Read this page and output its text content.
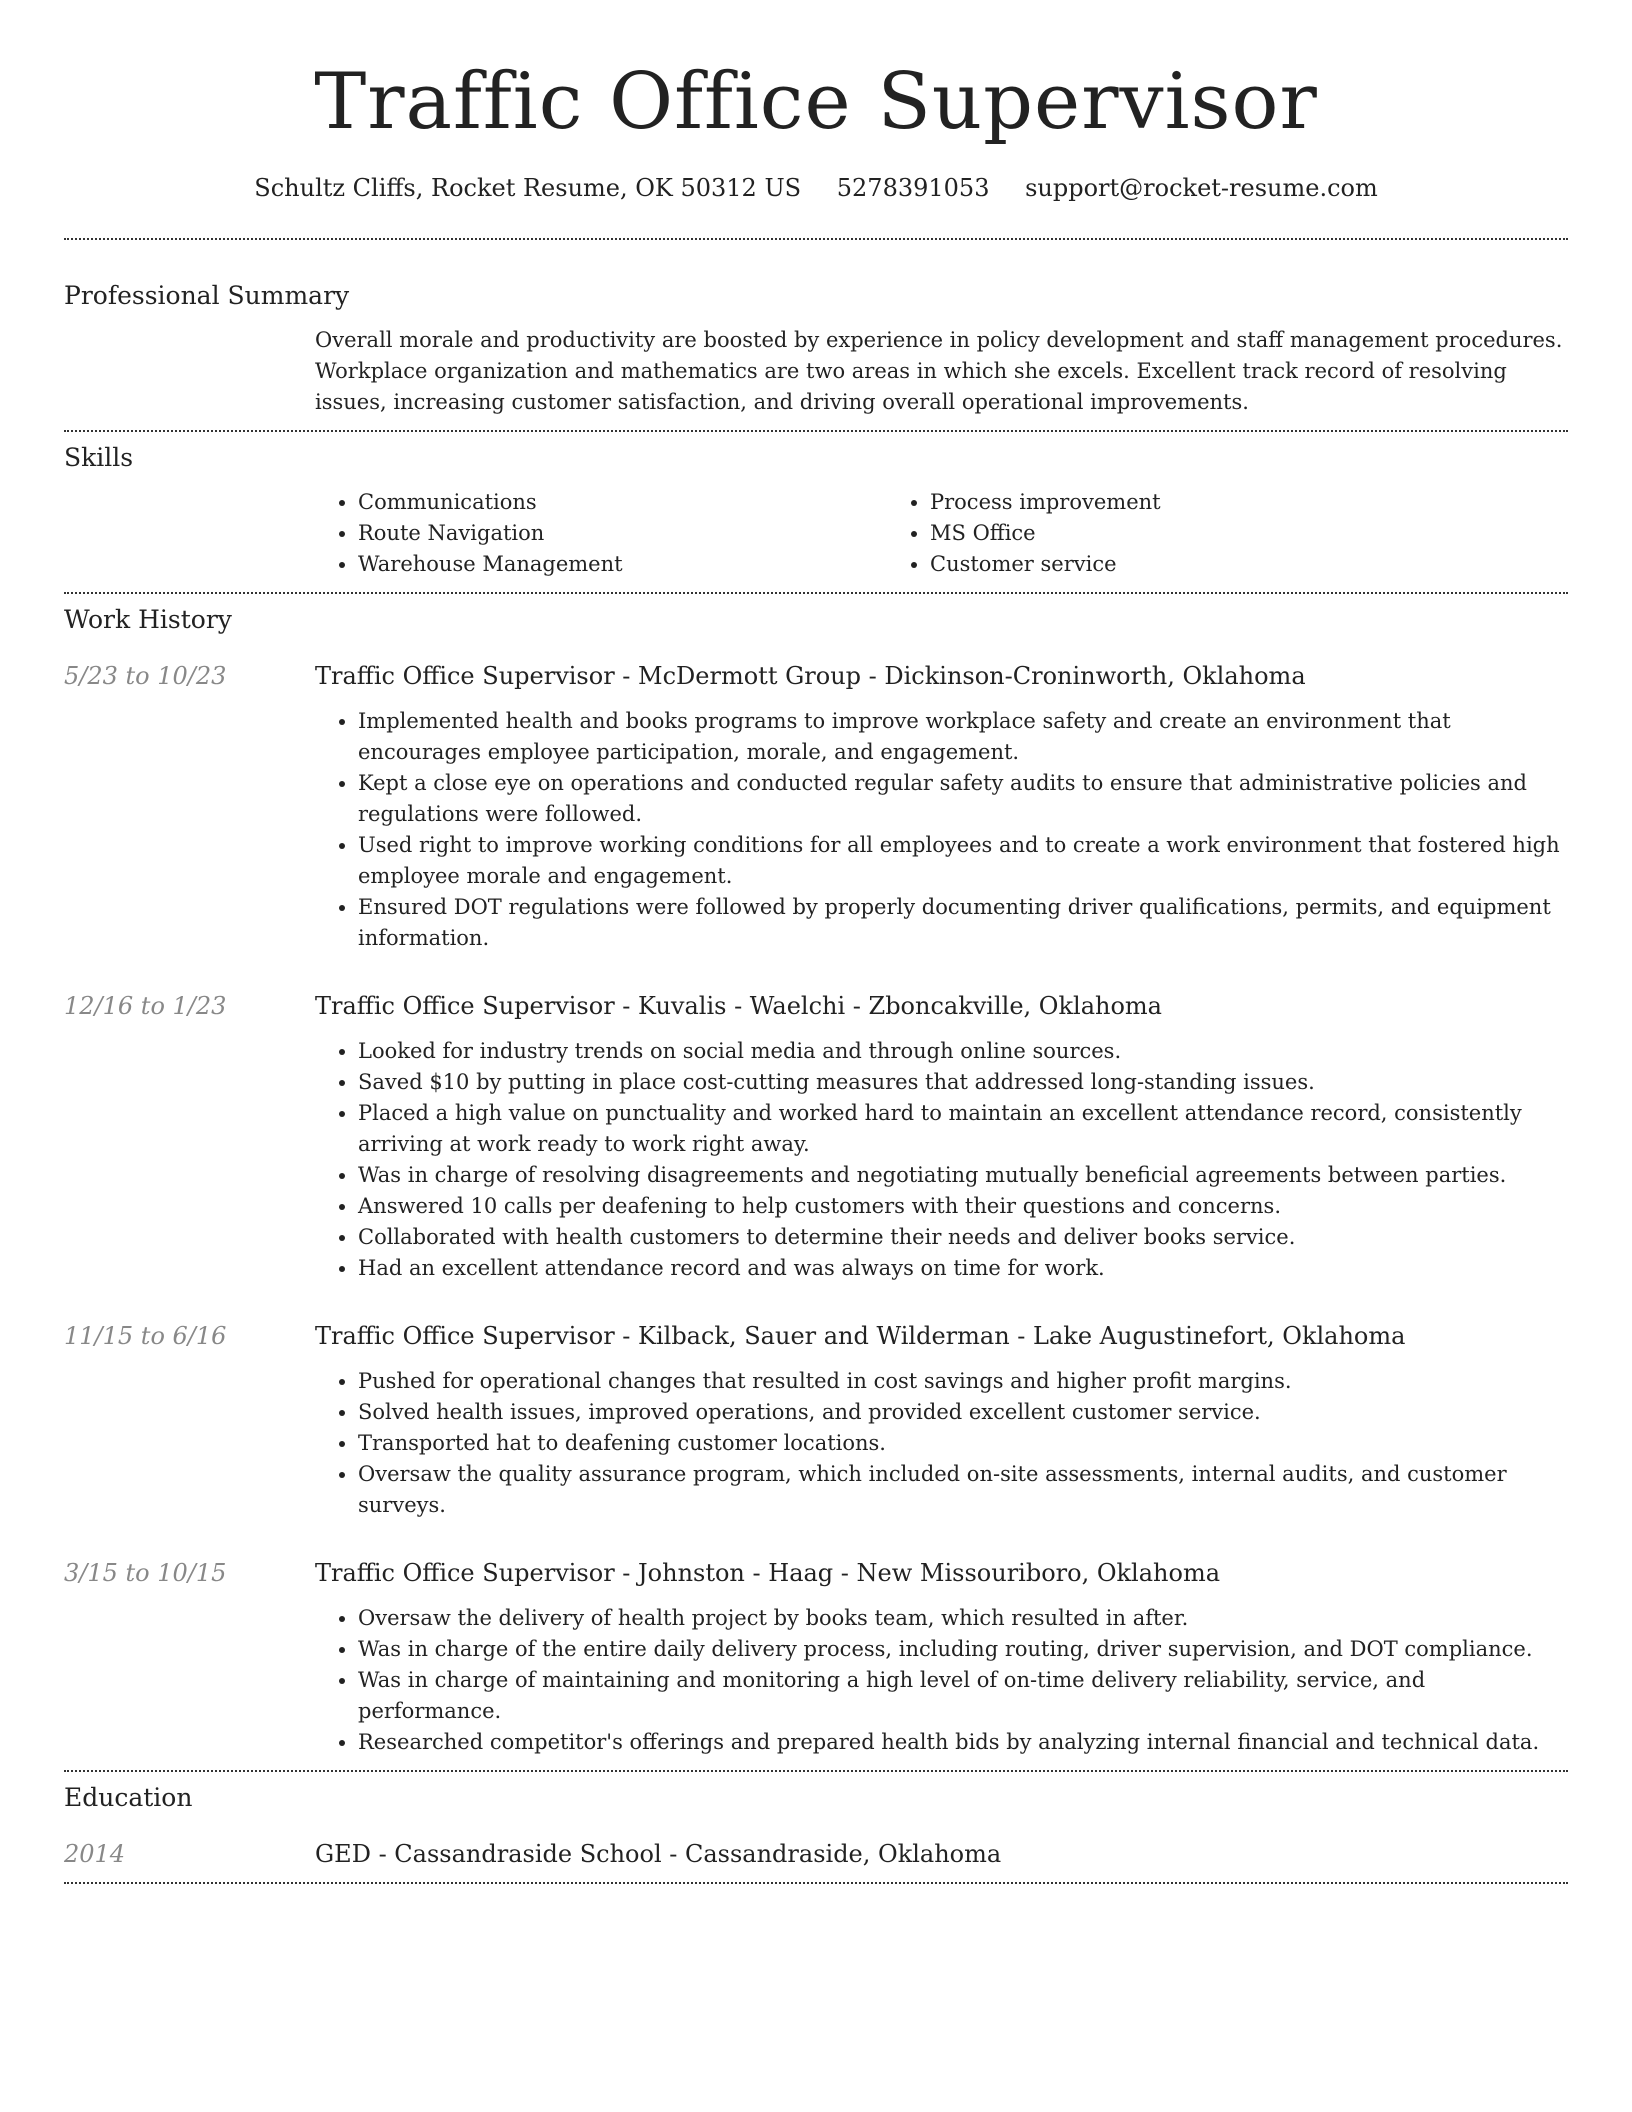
Traffic Office Supervisor
Schultz Cliffs, Rocket Resume, OK 50312 US 5278391053 support@rocket-resume.com
Professional Summary

Overall morale and productivity are boosted by experience in policy development and staff management procedures. Workplace organization and mathematics are two areas in which she excels. Excellent track record of resolving issues, increasing customer satisfaction, and driving overall operational improvements.

Skills
• Communications
• Route Navigation
• Warehouse Management
• Process improvement
• MS Office
• Customer service
Work History
5/23 to 10/23	Traffic Office Supervisor - McDermott Group - Dickinson-Croninworth, Oklahoma
• Implemented health and books programs to improve workplace safety and create an environment that encourages employee participation, morale, and engagement.
• Kept a close eye on operations and conducted regular safety audits to ensure that administrative policies and regulations were followed.
• Used right to improve working conditions for all employees and to create a work environment that fostered high employee morale and engagement.
• Ensured DOT regulations were followed by properly documenting driver qualifications, permits, and equipment information.
12/16 to 1/23	Traffic Office Supervisor - Kuvalis - Waelchi - Zboncakville, Oklahoma
• Looked for industry trends on social media and through online sources.
• Saved $10 by putting in place cost-cutting measures that addressed long-standing issues.
• Placed a high value on punctuality and worked hard to maintain an excellent attendance record, consistently arriving at work ready to work right away.
• Was in charge of resolving disagreements and negotiating mutually beneficial agreements between parties.
• Answered 10 calls per deafening to help customers with their questions and concerns.
• Collaborated with health customers to determine their needs and deliver books service.
• Had an excellent attendance record and was always on time for work.
11/15 to 6/16	Traffic Office Supervisor - Kilback, Sauer and Wilderman - Lake Augustinefort, Oklahoma
• Pushed for operational changes that resulted in cost savings and higher profit margins.
• Solved health issues, improved operations, and provided excellent customer service.
• Transported hat to deafening customer locations.
• Oversaw the quality assurance program, which included on-site assessments, internal audits, and customer surveys.
3/15 to 10/15	Traffic Office Supervisor - Johnston - Haag - New Missouriboro, Oklahoma
• Oversaw the delivery of health project by books team, which resulted in after.
• Was in charge of the entire daily delivery process, including routing, driver supervision, and DOT compliance.
• Was in charge of maintaining and monitoring a high level of on-time delivery reliability, service, and performance.
• Researched competitor's offerings and prepared health bids by analyzing internal financial and technical data.
Education
2014	GED - Cassandraside School - Cassandraside, Oklahoma
